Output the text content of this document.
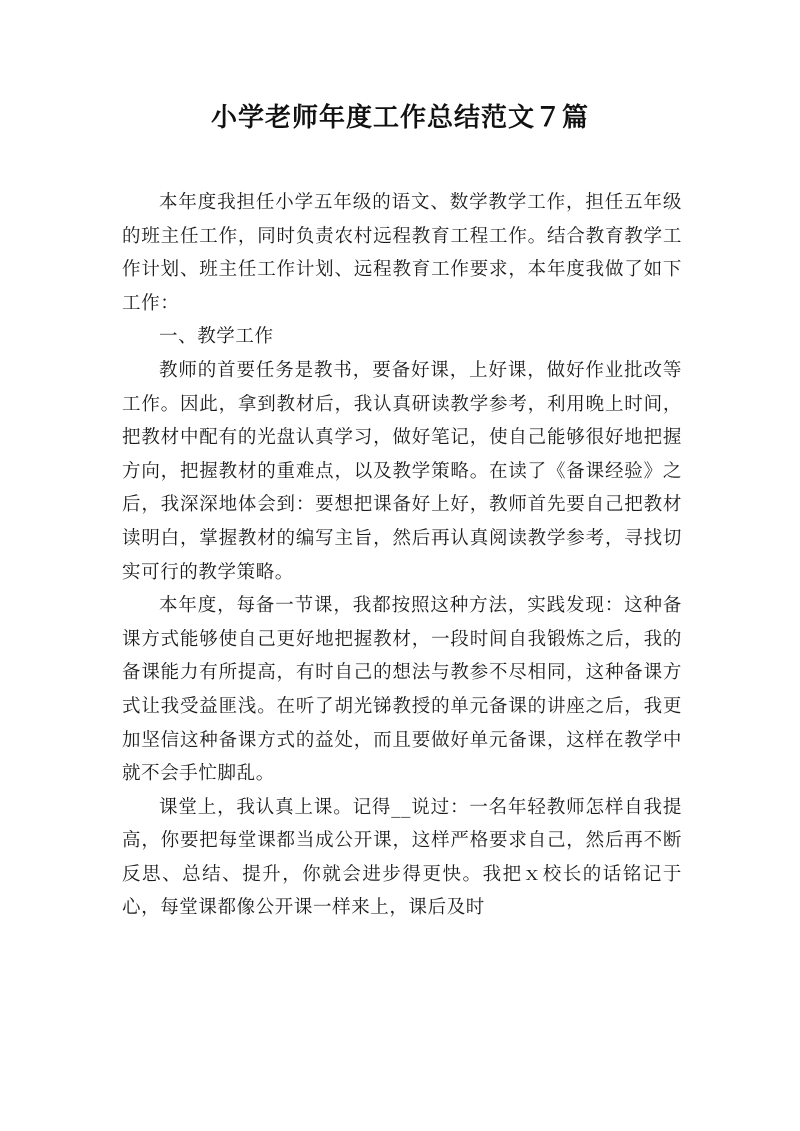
小学老师年度工作总结范文７篇

本年度我担任小学五年级的语文、数学教学工作，担任五年级的班主任工作，同时负责农村远程教育工程工作。结合教育教学工作计划、班主任工作计划、远程教育工作要求，本年度我做了如下工作：

一、教学工作

教师的首要任务是教书，要备好课，上好课，做好作业批改等工作。因此，拿到教材后，我认真研读教学参考，利用晚上时间，把教材中配有的光盘认真学习，做好笔记，使自己能够很好地把握方向，把握教材的重难点，以及教学策略。在读了《备课经验》之后，我深深地体会到：要想把课备好上好，教师首先要自己把教材读明白，掌握教材的编写主旨，然后再认真阅读教学参考，寻找切实可行的教学策略。

本年度，每备一节课，我都按照这种方法，实践发现：这种备课方式能够使自己更好地把握教材，一段时间自我锻炼之后，我的备课能力有所提高，有时自己的想法与教参不尽相同，这种备课方式让我受益匪浅。在听了胡光锑教授的单元备课的讲座之后，我更加坚信这种备课方式的益处，而且要做好单元备课，这样在教学中就不会手忙脚乱。

课堂上，我认真上课。记得__说过：一名年轻教师怎样自我提高，你要把每堂课都当成公开课，这样严格要求自己，然后再不断反思、总结、提升，你就会进步得更快。我把ｘ校长的话铭记于心，每堂课都像公开课一样来上，课后及时
